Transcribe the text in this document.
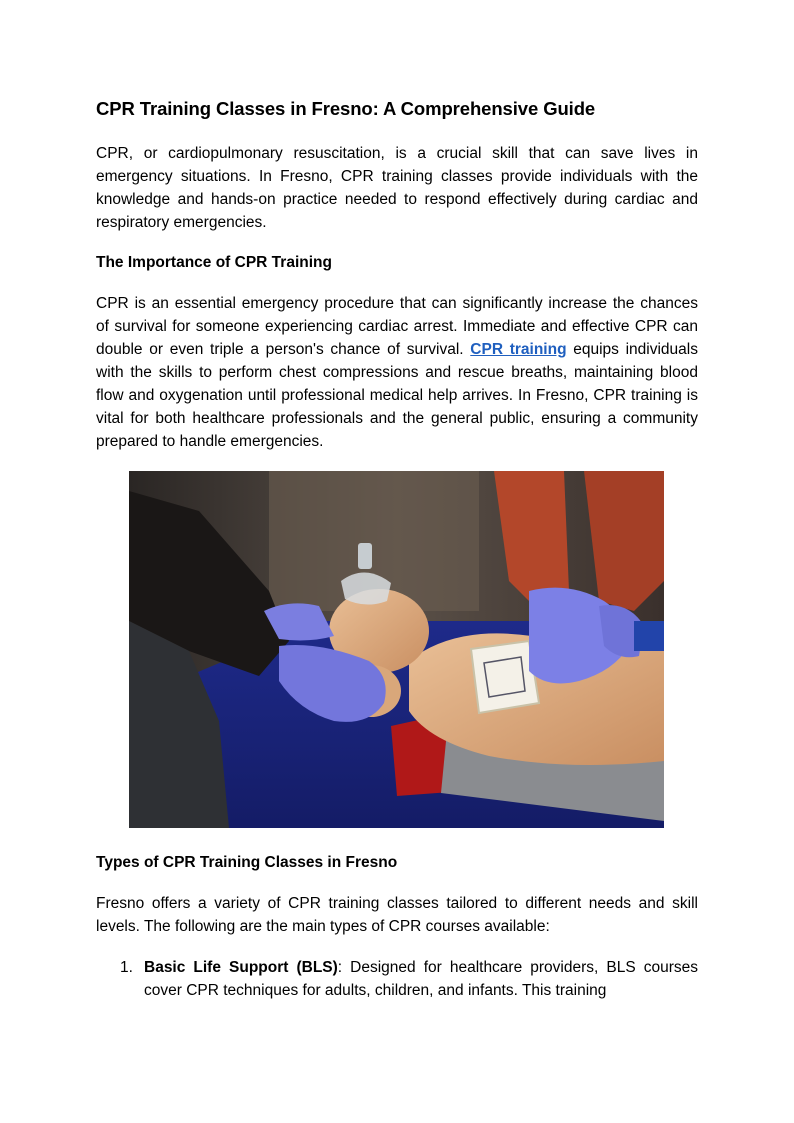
CPR Training Classes in Fresno: A Comprehensive Guide

CPR, or cardiopulmonary resuscitation, is a crucial skill that can save lives in emergency situations. In Fresno, CPR training classes provide individuals with the knowledge and hands-on practice needed to respond effectively during cardiac and respiratory emergencies.

The Importance of CPR Training

CPR is an essential emergency procedure that can significantly increase the chances of survival for someone experiencing cardiac arrest. Immediate and effective CPR can double or even triple a person's chance of survival. CPR training equips individuals with the skills to perform chest compressions and rescue breaths, maintaining blood flow and oxygenation until professional medical help arrives. In Fresno, CPR training is vital for both healthcare professionals and the general public, ensuring a community prepared to handle emergencies.

Types of CPR Training Classes in Fresno

Fresno offers a variety of CPR training classes tailored to different needs and skill levels. The following are the main types of CPR courses available:

1. Basic Life Support (BLS): Designed for healthcare providers, BLS courses cover CPR techniques for adults, children, and infants. This training
